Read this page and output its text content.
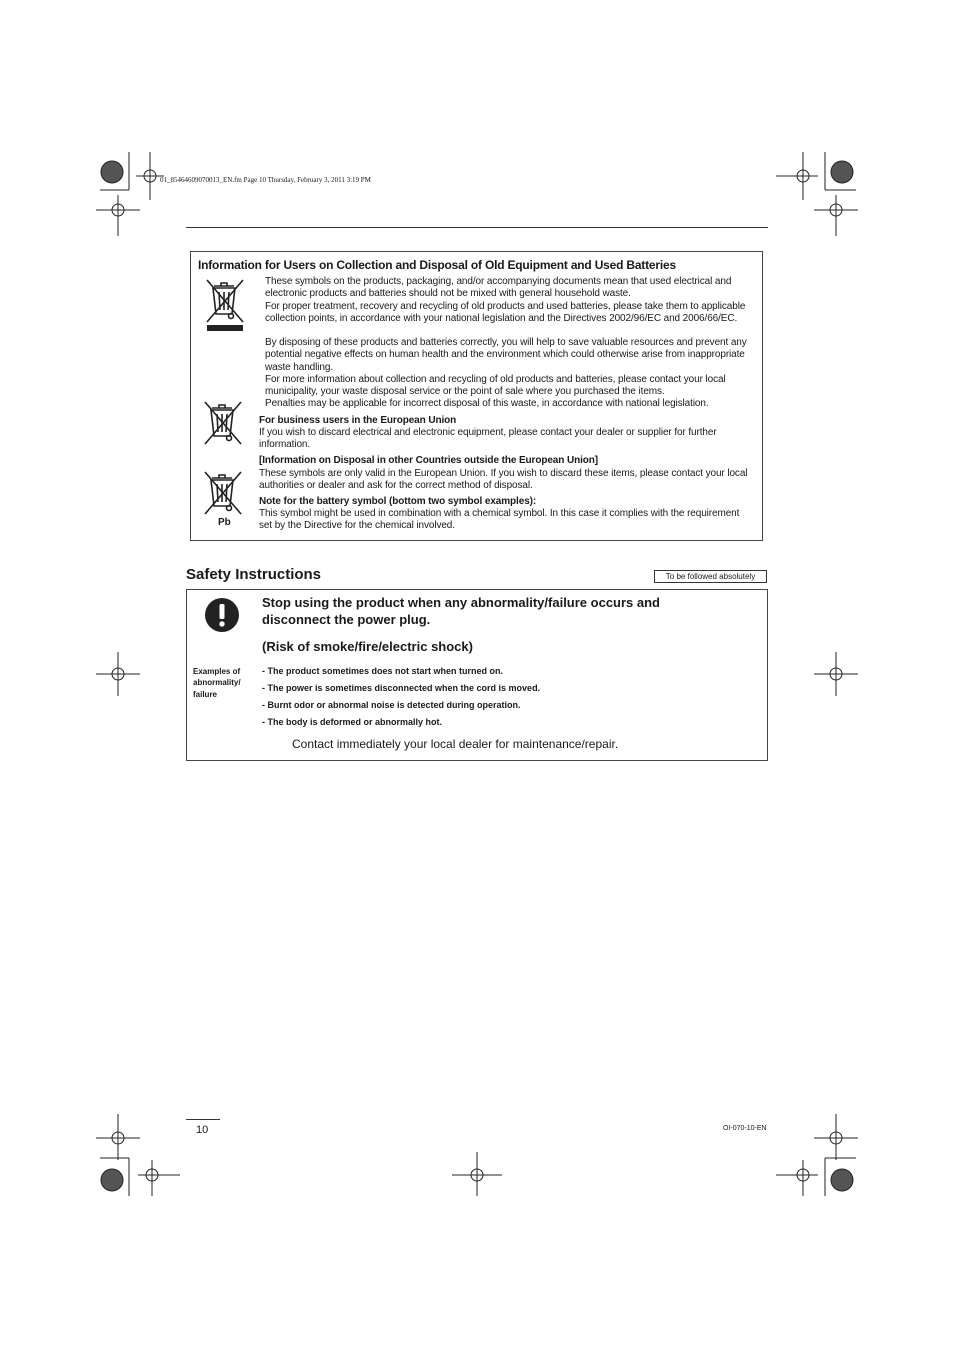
01_85464609070013_EN.fm Page 10 Thursday, February 3, 2011 3:19 PM
Information for Users on Collection and Disposal of Old Equipment and Used Batteries
These symbols on the products, packaging, and/or accompanying documents mean that used electrical and electronic products and batteries should not be mixed with general household waste.
For proper treatment, recovery and recycling of old products and used batteries, please take them to applicable collection points, in accordance with your national legislation and the Directives 2002/96/EC and 2006/66/EC.
By disposing of these products and batteries correctly, you will help to save valuable resources and prevent any potential negative effects on human health and the environment which could otherwise arise from inappropriate waste handling.
For more information about collection and recycling of old products and batteries, please contact your local municipality, your waste disposal service or the point of sale where you purchased the items.
Penalties may be applicable for incorrect disposal of this waste, in accordance with national legislation.
For business users in the European Union
If you wish to discard electrical and electronic equipment, please contact your dealer or supplier for further information.
[Information on Disposal in other Countries outside the European Union]
These symbols are only valid in the European Union. If you wish to discard these items, please contact your local authorities or dealer and ask for the correct method of disposal.
Pb
Note for the battery symbol (bottom two symbol examples):
This symbol might be used in combination with a chemical symbol. In this case it complies with the requirement set by the Directive for the chemical involved.
Safety Instructions	To be followed absolutely
Stop using the product when any abnormality/failure occurs and
disconnect the power plug.
(Risk of smoke/fire/electric shock)
Examples of
abnormality/
failure
- The product sometimes does not start when turned on.
- The power is sometimes disconnected when the cord is moved.
- Burnt odor or abnormal noise is detected during operation.
- The body is deformed or abnormally hot.
Contact immediately your local dealer for maintenance/repair.
10	OI-070-10-EN
